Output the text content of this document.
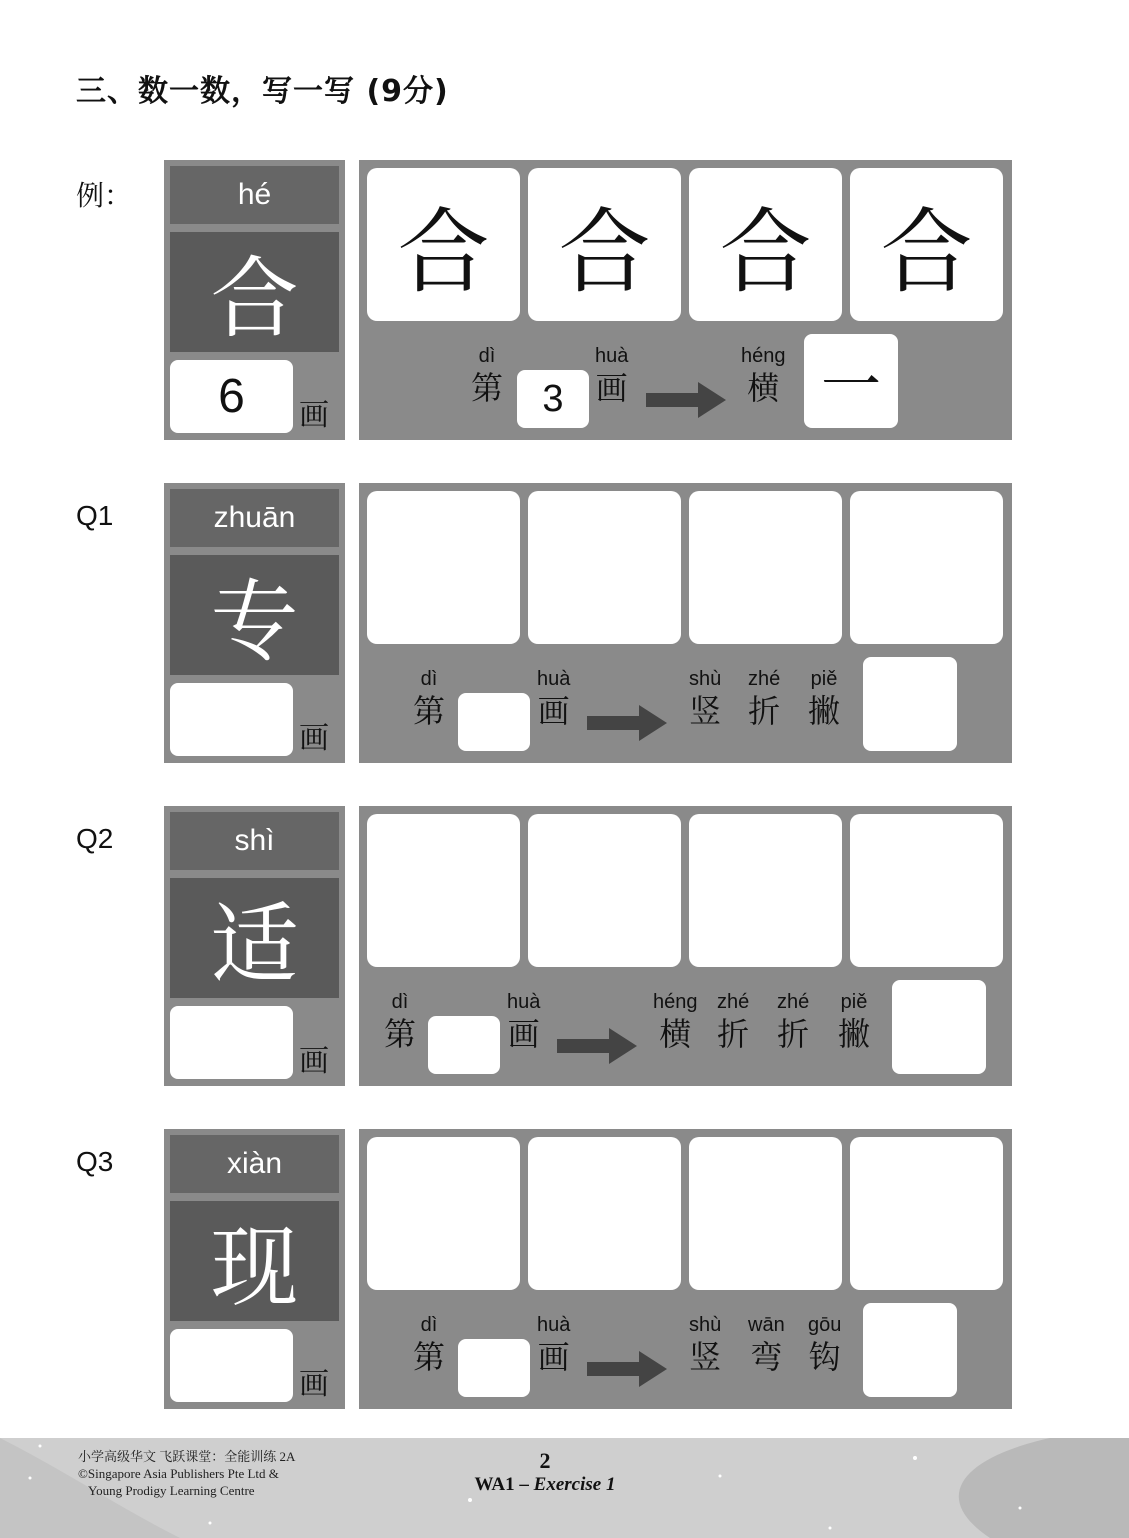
三、数一数，写一写 (9分)
例：	hé
合
6	画
合 合 合 合
dì
第	3
huà
画
héng
横 一
Q1	zhuān
专
画
dì
第
huà
画
shù
竖
zhé
折
piě
撇
Q2	shì
适
画
dì
第
huà
画
héng
横
zhé
折
zhé
折
piě
撇
Q3	xiàn
现
画
dì
第
huà
画
shù
竖
wān
弯
gōu
钩
小学高级华文 飞跃课堂：全能训练 2A
©Singapore Asia Publishers Pte Ltd &
Young Prodigy Learning Centre
2
WA1 – Exercise 1
